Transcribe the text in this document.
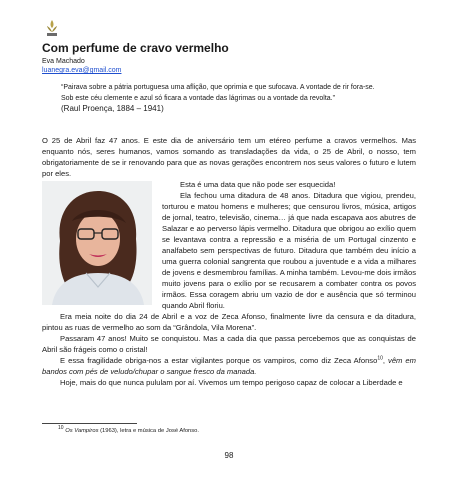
Com perfume de cravo vermelho
Eva Machado
luanegra.eva@gmail.com
“Pairava sobre a pátria portuguesa uma aflição, que oprimia e que sufocava. A vontade de rir fora-se.
Sob este céu clemente e azul só ficara a vontade das lágrimas ou a vontade da revolta.”
(Raul Proença, 1884 – 1941)

O 25 de Abril faz 47 anos. E este dia de aniversário tem um etéreo perfume a cravos vermelhos. Mas enquanto nós, seres humanos, vamos somando as transladações da vida, o 25 de Abril, o nosso, tem obrigatoriamente de se ir renovando para que as novas gerações encontrem nos seus valores o futuro e lutem por eles.

Esta é uma data que não pode ser esquecida!

Ela fechou uma ditadura de 48 anos. Ditadura que vigiou, prendeu, torturou e matou homens e mulheres; que censurou livros, música, artigos de jornal, teatro, televisão, cinema… já que nada escapava aos abutres de Salazar e ao perverso lápis vermelho. Ditadura que obrigou ao exílio quem se levantava contra a repressão e a miséria de um Portugal cinzento e analfabeto sem perspectivas de futuro. Ditadura que também deu início a uma guerra colonial sangrenta que roubou a juventude e a vida a milhares de jovens e desmembrou famílias. A minha também. Levou-me dois irmãos muito jovens para o exílio por se recusarem a combater contra os povos irmãos. Essa coragem abriu um vazio de dor e ausência que só terminou quando Abril floriu.

Era meia noite do dia 24 de Abril e a voz de Zeca Afonso, finalmente livre da censura e da ditadura, pintou as ruas de vermelho ao som da “Grândola, Vila Morena”.

Passaram 47 anos! Muito se conquistou. Mas a cada dia que passa percebemos que as conquistas de Abril são frágeis como o cristal!

E essa fragilidade obriga-nos a estar vigilantes porque os vampiros, como diz Zeca Afonso$^{10}$, vêm em bandos com pés de veludo/chupar o sangue fresco da manada.

Hoje, mais do que nunca pululam por aí. Vivemos um tempo perigoso capaz de colocar a Liberdade e

$^{10}$ Os Vampiros (1963), letra e música de José Afonso.
98
